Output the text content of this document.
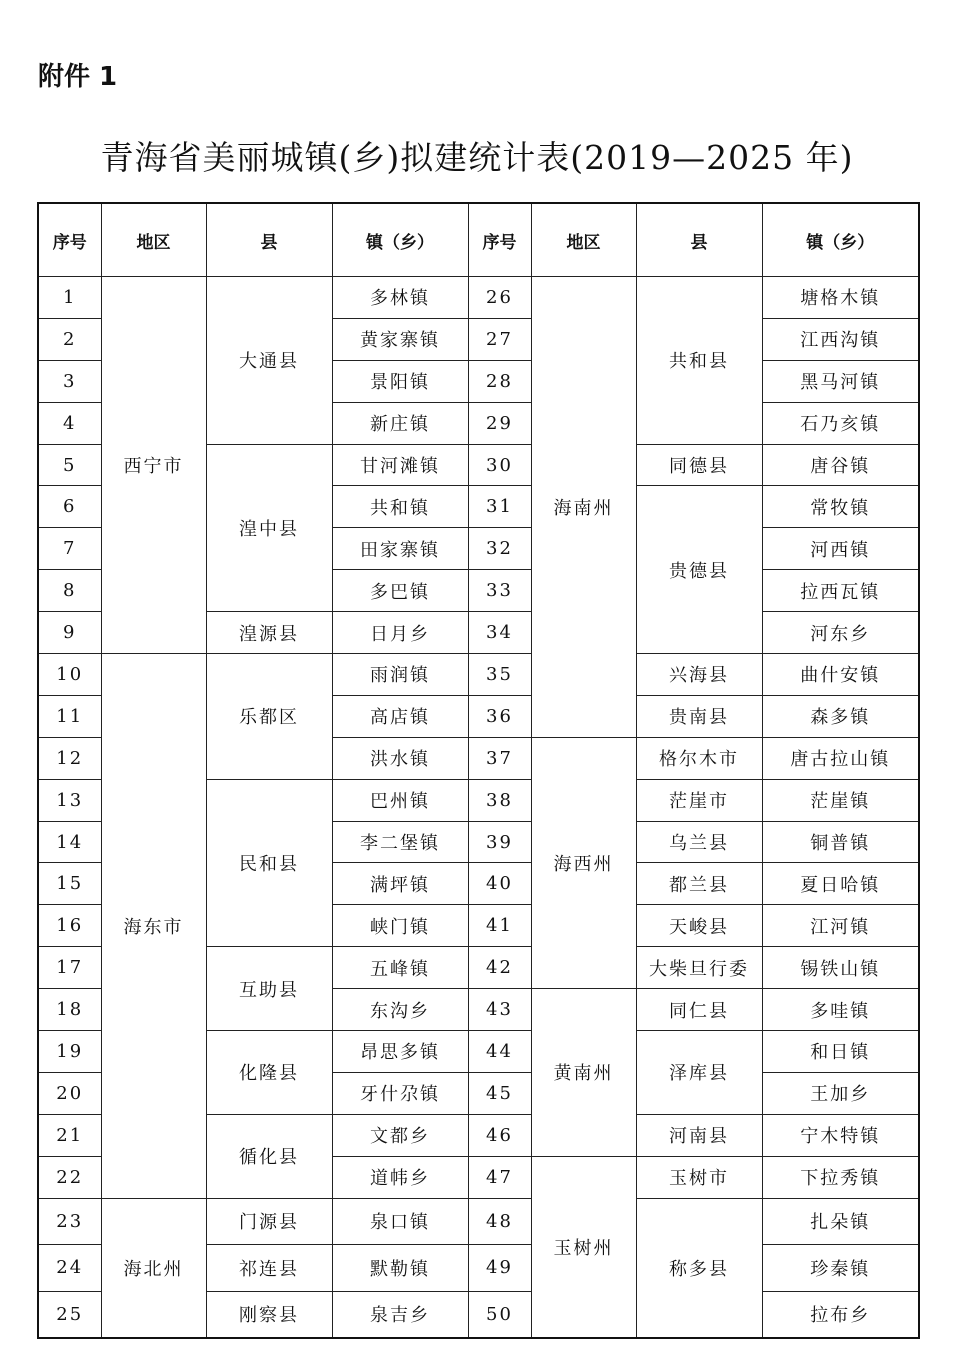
附件 1
青海省美丽城镇(乡)拟建统计表(2019—2025 年)
序号	地区	县	镇（乡）	序号	地区	县	镇（乡）
1	西宁市	大通县	多林镇	26	海南州	共和县	塘格木镇
2			黄家寨镇	27			江西沟镇
3			景阳镇	28			黑马河镇
4			新庄镇	29			石乃亥镇
5		湟中县	甘河滩镇	30		同德县	唐谷镇
6			共和镇	31		贵德县	常牧镇
7			田家寨镇	32			河西镇
8			多巴镇	33			拉西瓦镇
9		湟源县	日月乡	34			河东乡
10	海东市	乐都区	雨润镇	35		兴海县	曲什安镇
11			高店镇	36		贵南县	森多镇
12			洪水镇	37	海西州	格尔木市	唐古拉山镇
13		民和县	巴州镇	38		茫崖市	茫崖镇
14			李二堡镇	39		乌兰县	铜普镇
15			满坪镇	40		都兰县	夏日哈镇
16			峡门镇	41		天峻县	江河镇
17		互助县	五峰镇	42		大柴旦行委	锡铁山镇
18			东沟乡	43	黄南州	同仁县	多哇镇
19		化隆县	昂思多镇	44		泽库县	和日镇
20			牙什尕镇	45			王加乡
21		循化县	文都乡	46		河南县	宁木特镇
22			道帏乡	47	玉树州	玉树市	下拉秀镇
23	海北州	门源县	泉口镇	48		称多县	扎朵镇
24		祁连县	默勒镇	49			珍秦镇
25		刚察县	泉吉乡	50			拉布乡
